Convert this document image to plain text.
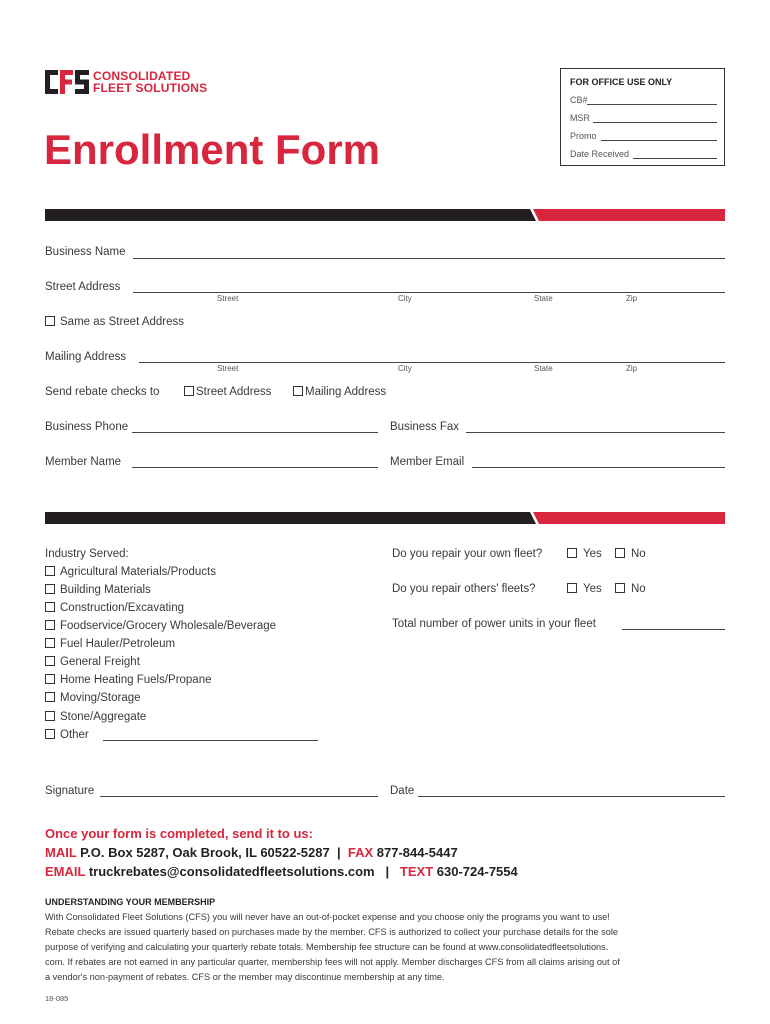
CONSOLIDATED
FLEET SOLUTIONS
Enrollment Form
FOR OFFICE USE ONLY
CB#
MSR
Promo
Date Received
Business Name
Street Address
Street	City	State	Zip
Same as Street Address
Mailing Address
Street	City	State	Zip
Send rebate checks to	Street Address	Mailing Address
Business Phone	Business Fax
Member Name	Member Email
Industry Served:
Agricultural Materials/Products
Building Materials
Construction/Excavating
Foodservice/Grocery Wholesale/Beverage
Fuel Hauler/Petroleum
General Freight
Home Heating Fuels/Propane
Moving/Storage
Stone/Aggregate
Other
Do you repair your own fleet?	Yes	No
Do you repair others' fleets?	Yes	No
Total number of power units in your fleet
Signature	Date
Once your form is completed, send it to us:
MAIL P.O. Box 5287, Oak Brook, IL 60522-5287 | FAX 877-844-5447
EMAIL truckrebates@consolidatedfleetsolutions.com | TEXT 630-724-7554
UNDERSTANDING YOUR MEMBERSHIP
With Consolidated Fleet Solutions (CFS) you will never have an out-of-pocket expense and you choose only the programs you want to use!
Rebate checks are issued quarterly based on purchases made by the member. CFS is authorized to collect your purchase details for the sole
purpose of verifying and calculating your quarterly rebate totals. Membership fee structure can be found at www.consolidatedfleetsolutions.
com. If rebates are not earned in any particular quarter, membership fees will not apply. Member discharges CFS from all claims arising out of
a vendor's non-payment of rebates. CFS or the member may discontinue membership at any time.
18-085
